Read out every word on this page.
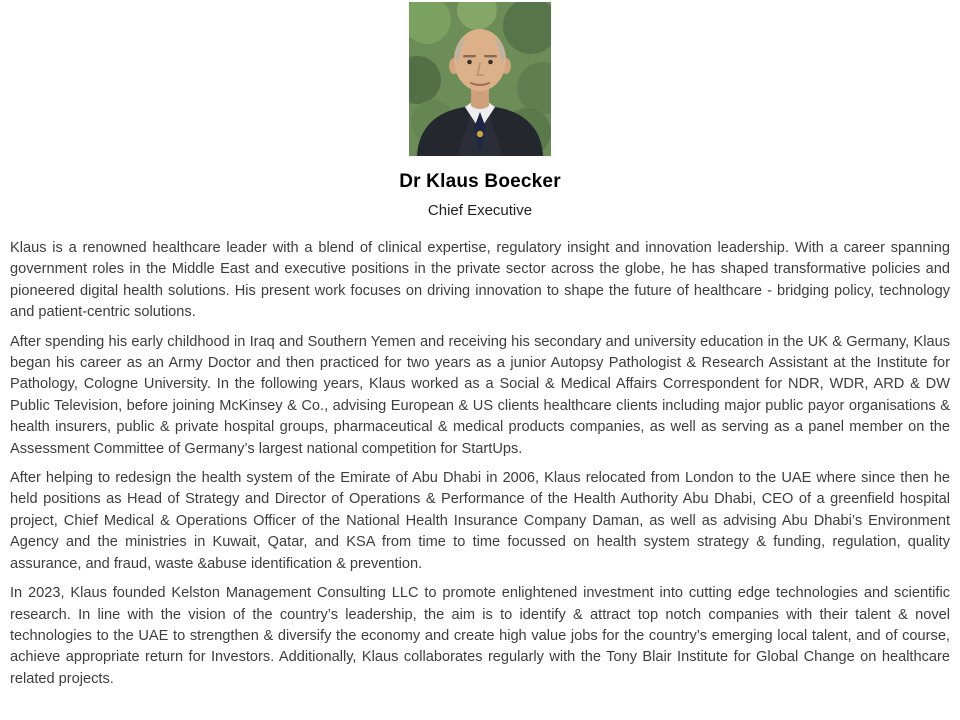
Dr Klaus Boecker
Chief Executive

Klaus is a renowned healthcare leader with a blend of clinical expertise, regulatory insight and innovation leadership. With a career spanning government roles in the Middle East and executive positions in the private sector across the globe, he has shaped transformative policies and pioneered digital health solutions. His present work focuses on driving innovation to shape the future of healthcare - bridging policy, technology and patient-centric solutions.

After spending his early childhood in Iraq and Southern Yemen and receiving his secondary and university education in the UK & Germany, Klaus began his career as an Army Doctor and then practiced for two years as a junior Autopsy Pathologist & Research Assistant at the Institute for Pathology, Cologne University. In the following years, Klaus worked as a Social & Medical Affairs Correspondent for NDR, WDR, ARD & DW Public Television, before joining McKinsey & Co., advising European & US clients healthcare clients including major public payor organisations & health insurers, public & private hospital groups, pharmaceutical & medical products companies, as well as serving as a panel member on the Assessment Committee of Germany’s largest national competition for StartUps.

After helping to redesign the health system of the Emirate of Abu Dhabi in 2006, Klaus relocated from London to the UAE where since then he held positions as Head of Strategy and Director of Operations & Performance of the Health Authority Abu Dhabi, CEO of a greenfield hospital project, Chief Medical & Operations Officer of the National Health Insurance Company Daman, as well as advising Abu Dhabi’s Environment Agency and the ministries in Kuwait, Qatar, and KSA from time to time focussed on health system strategy & funding, regulation, quality assurance, and fraud, waste &abuse identification & prevention.

In 2023, Klaus founded Kelston Management Consulting LLC to promote enlightened investment into cutting edge technologies and scientific research. In line with the vision of the country’s leadership, the aim is to identify & attract top notch companies with their talent & novel technologies to the UAE to strengthen & diversify the economy and create high value jobs for the country’s emerging local talent, and of course, achieve appropriate return for Investors. Additionally, Klaus collaborates regularly with the Tony Blair Institute for Global Change on healthcare related projects.
